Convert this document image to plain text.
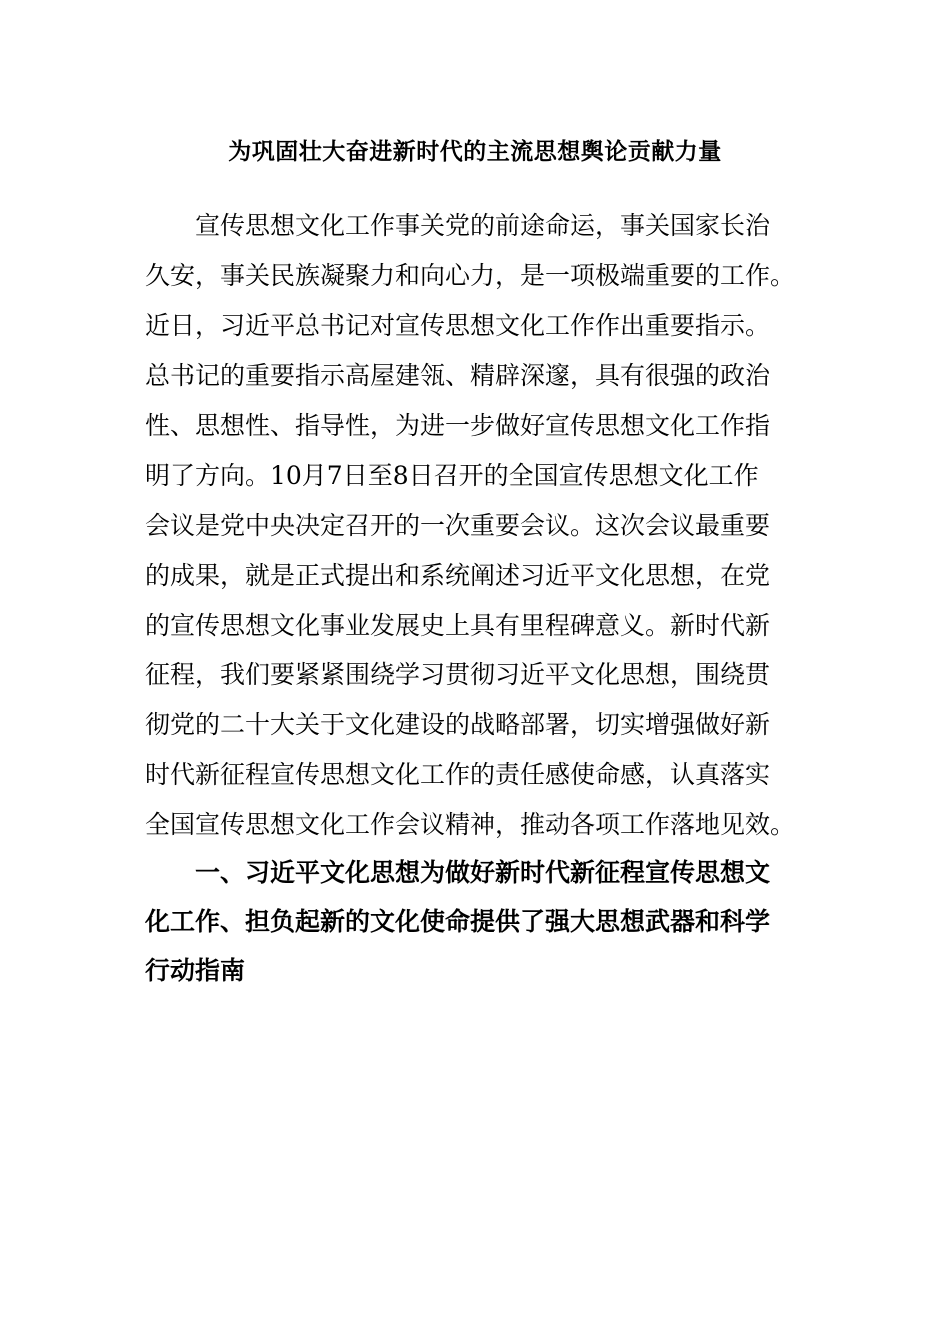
为巩固壮大奋进新时代的主流思想舆论贡献力量
宣传思想文化工作事关党的前途命运，事关国家长治
久安，事关民族凝聚力和向心力，是一项极端重要的工作。
近日，习近平总书记对宣传思想文化工作作出重要指示。
总书记的重要指示高屋建瓴、精辟深邃，具有很强的政治
性、思想性、指导性，为进一步做好宣传思想文化工作指
明了方向。10月7日至8日召开的全国宣传思想文化工作
会议是党中央决定召开的一次重要会议。这次会议最重要
的成果，就是正式提出和系统阐述习近平文化思想，在党
的宣传思想文化事业发展史上具有里程碑意义。新时代新
征程，我们要紧紧围绕学习贯彻习近平文化思想，围绕贯
彻党的二十大关于文化建设的战略部署，切实增强做好新
时代新征程宣传思想文化工作的责任感使命感，认真落实
全国宣传思想文化工作会议精神，推动各项工作落地见效。
一、习近平文化思想为做好新时代新征程宣传思想文
化工作、担负起新的文化使命提供了强大思想武器和科学
行动指南
